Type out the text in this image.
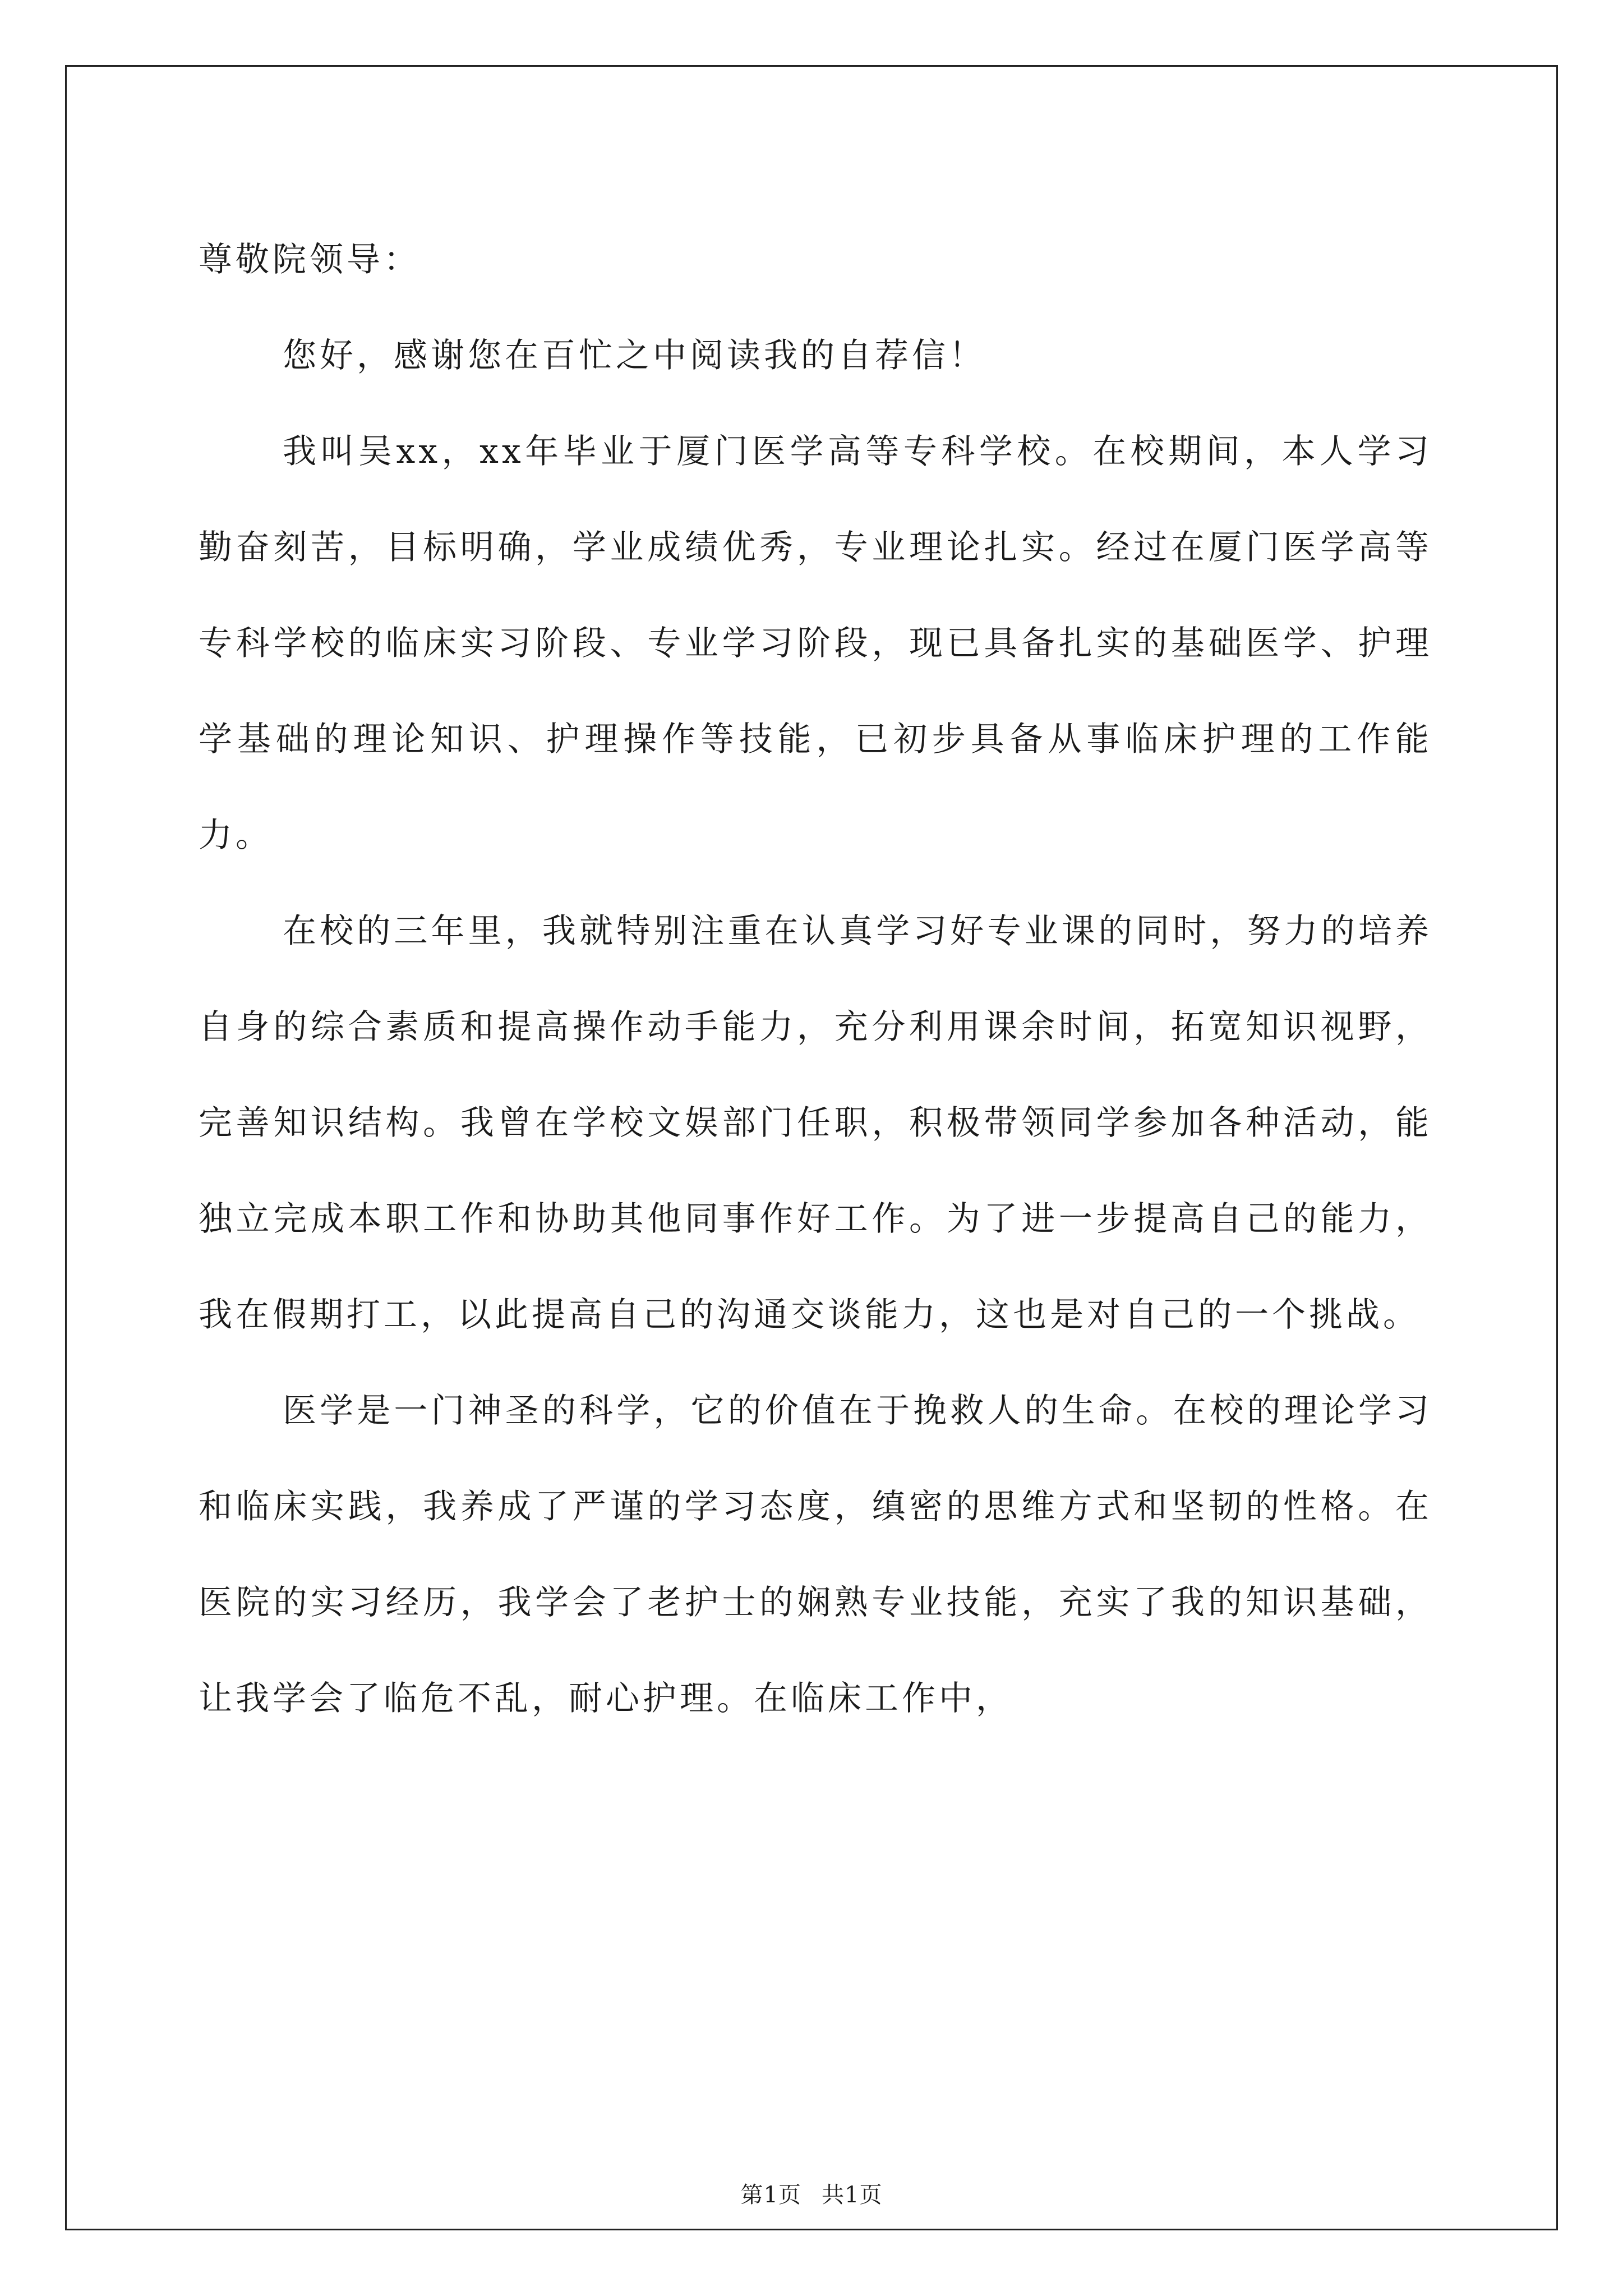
尊敬院领导：

您好，感谢您在百忙之中阅读我的自荐信！

我叫吴xx，xx年毕业于厦门医学高等专科学校。在校期间，本人学习勤奋刻苦，目标明确，学业成绩优秀，专业理论扎实。经过在厦门医学高等专科学校的临床实习阶段、专业学习阶段，现已具备扎实的基础医学、护理学基础的理论知识、护理操作等技能，已初步具备从事临床护理的工作能力。

在校的三年里，我就特别注重在认真学习好专业课的同时，努力的培养自身的综合素质和提高操作动手能力，充分利用课余时间，拓宽知识视野，完善知识结构。我曾在学校文娱部门任职，积极带领同学参加各种活动，能独立完成本职工作和协助其他同事作好工作。为了进一步提高自己的能力，我在假期打工，以此提高自己的沟通交谈能力，这也是对自己的一个挑战。

医学是一门神圣的科学，它的价值在于挽救人的生命。在校的理论学习和临床实践，我养成了严谨的学习态度，缜密的思维方式和坚韧的性格。在医院的实习经历，我学会了老护士的娴熟专业技能，充实了我的知识基础，让我学会了临危不乱，耐心护理。在临床工作中，

第1页 共1页
